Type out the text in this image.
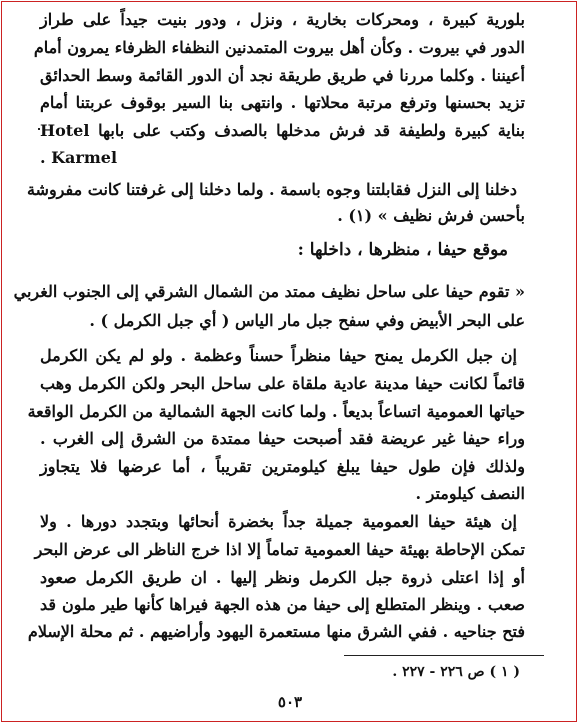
بلورية كبيرة ، ومحركات بخارية ، ونزل ، ودور بنيت جيداً على طراز
الدور في بيروت . وكأن أهل بيروت المتمدنين النظفاء الظرفاء يمرون أمام
أعيننا . وكلما مررنا في طريق طريقة نجد أن الدور القائمة وسط الحدائق
تزيد بحسنها وترفع مرتبة محلاتها . وانتهى بنا السير بوقوف عربتنا أمام
بناية كبيرة ولطيفة قد فرش مدخلها بالصدف وكتب على بابها Hotel
. Karmel
دخلنا إلى النزل فقابلتنا وجوه باسمة . ولما دخلنا إلى غرفتنا كانت مفروشة
بأحسن فرش نظيف » (١) .
موقع حيفا ، منظرها ، داخلها :
« تقوم حيفا على ساحل نظيف ممتد من الشمال الشرقي إلى الجنوب الغربي
على البحر الأبيض وفي سفح جبل مار الياس ( أي جبل الكرمل ) .
إن جبل الكرمل يمنح حيفا منظراً حسناً وعظمة . ولو لم يكن الكرمل
قائماً لكانت حيفا مدينة عادية ملقاة على ساحل البحر ولكن الكرمل وهب
حياتها العمومية اتساعاً بديعاً . ولما كانت الجهة الشمالية من الكرمل الواقعة
وراء حيفا غير عريضة فقد أصبحت حيفا ممتدة من الشرق إلى الغرب .
ولذلك فإن طول حيفا يبلغ كيلومترين تقريباً ، أما عرضها فلا يتجاوز
النصف كيلومتر .
إن هيئة حيفا العمومية جميلة جداً بخضرة أنحائها وبتجدد دورها . ولا
تمكن الإحاطة بهيئة حيفا العمومية تماماً إلا اذا خرج الناظر الى عرض البحر
أو إذا اعتلى ذروة جبل الكرمل ونظر إليها . ان طريق الكرمل صعود
صعب . وينظر المتطلع إلى حيفا من هذه الجهة فيراها كأنها طير ملون قد
فتح جناحيه . ففي الشرق منها مستعمرة اليهود وأراضيهم . ثم محلة الإسلام
( ١ ) ص ٢٢٦ - ٢٢٧ .
٥٠٣
